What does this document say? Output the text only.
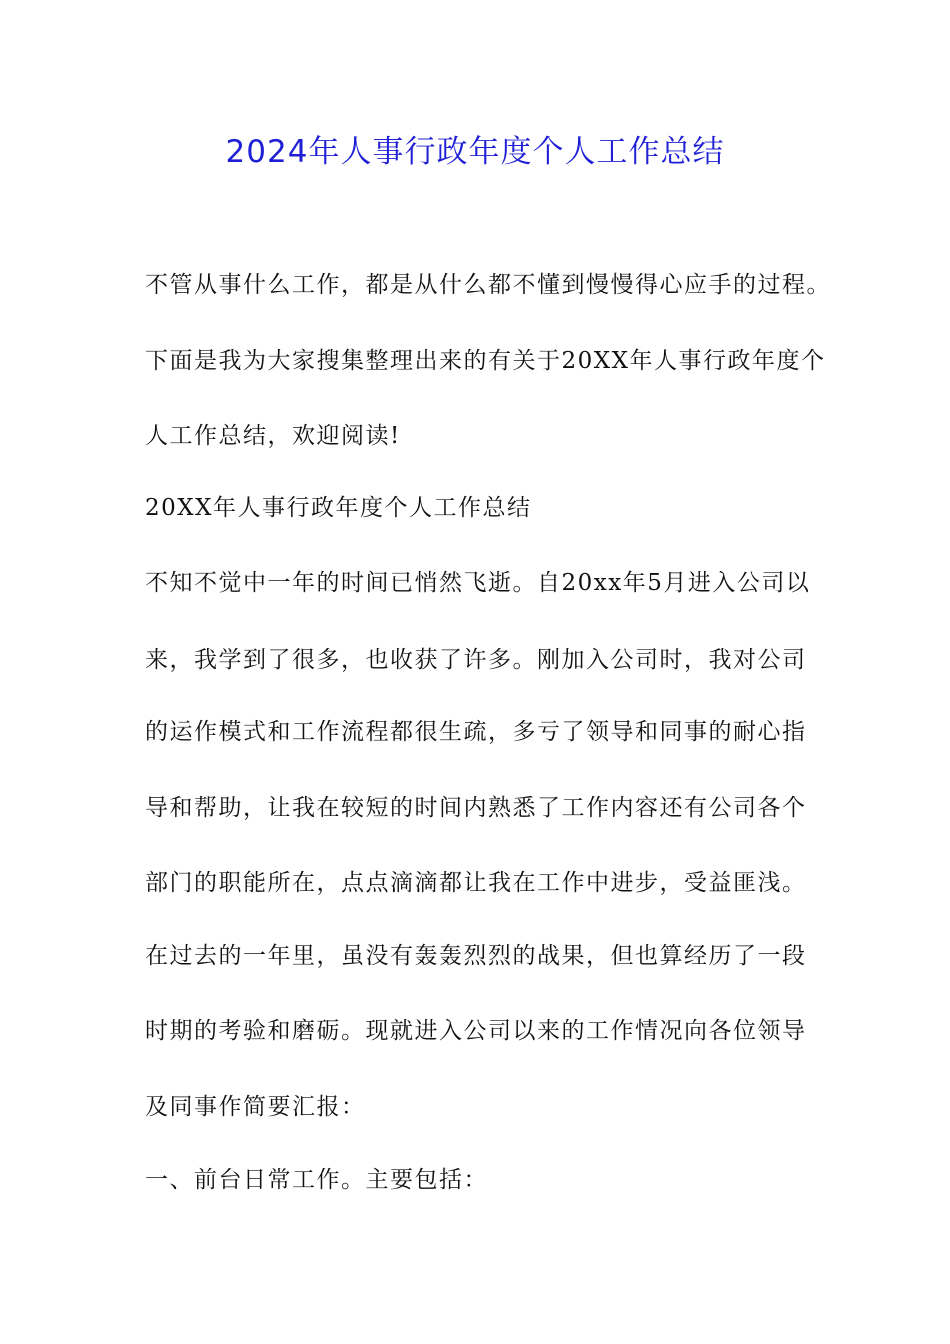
2024年人事行政年度个人工作总结
不管从事什么工作，都是从什么都不懂到慢慢得心应手的过程。
下面是我为大家搜集整理出来的有关于20XX年人事行政年度个
人工作总结，欢迎阅读!
20XX年人事行政年度个人工作总结
不知不觉中一年的时间已悄然飞逝。自20xx年5月进入公司以
来，我学到了很多，也收获了许多。刚加入公司时，我对公司
的运作模式和工作流程都很生疏，多亏了领导和同事的耐心指
导和帮助，让我在较短的时间内熟悉了工作内容还有公司各个
部门的职能所在，点点滴滴都让我在工作中进步，受益匪浅。
在过去的一年里，虽没有轰轰烈烈的战果，但也算经历了一段
时期的考验和磨砺。现就进入公司以来的工作情况向各位领导
及同事作简要汇报：
一、前台日常工作。主要包括：
